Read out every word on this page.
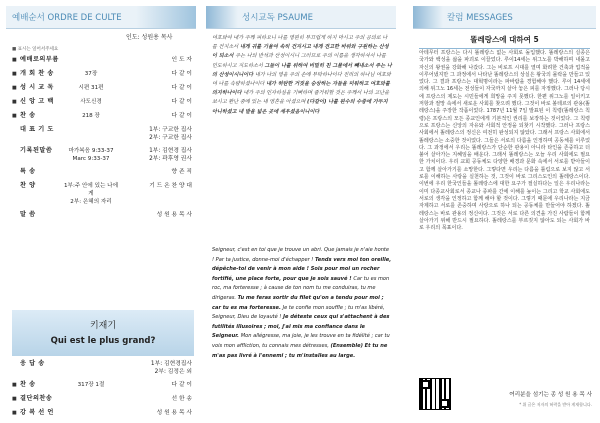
예배순서 ORDRE DE CULTE
인도: 성원용 목사
■ 표시는 일어서주세요
■ 예배로의부름	인 도 자
■ 개 회 찬 송	37장	다 같 이
■ 성 시 교 독	시편 31편	다 같 이
■ 신 앙 고 백	사도신경	다 같 이
■ 찬 송	218 장	다 같 이
대 표 기 도	1부: 구교한 집사
2부: 구교한 집사
기록된말씀	마가복음 9:33-37
Marc 9:33-37
1부: 김현경 집사
2부: 곽후영 권사
특 송	향 존 직
찬 양	1부:주 안에 있는 나에게
2부: 은혜의 자리
기 드 온 찬 양 대
말 씀	성 원 용 목 사
키재기
Qui est le plus grand?
응 답 송	1부: 김현경집사
2부: 김정은 외
■ 찬 송	317장 1절	다 같 이
■ 결단의찬송	선 한 송
■ 강 복 선 언	성 원 용 목 사
성시교독 PSAUME
여호와여 내가 주께 피하오니 나를 영원히 부끄럽게 하지 마시고 주의 공의로 나를 건지소서 내게 귀를 기울여 속히 건지시고 내게 견고한 바위와 구원하는 산성이 되소서 주는 나의 반석과 산성이시니 그러므로 주의 이름을 생각하셔서 나를 인도하시고 지도하소서 그들이 나를 위하여 비밀히 친 그물에서 빼내소서 주는 나의 산성이시니이다 내가 나의 영을 주의 손에 부탁하나이다 진리의 하나님 여호와여 나를 속량하셨나이다 내가 허탄한 거짓을 숭상하는 자들을 미워하고 여호와를 의지하나이다 내가 주의 인자하심을 기뻐하며 즐거워할 것은 주께서 나의 고난을 보시고 환난 중에 있는 내 영혼을 아셨으며 (다같이) 나를 원수의 수중에 가두지 아니하셨고 내 발을 넓은 곳에 세우셨음이니이다
Seigneur, c'est en toi que je trouve un abri. Que jamais je n'aie honte ! Par ta justice, donne-moi d'échapper ! Tends vers moi ton oreille, dépêche-toi de venir à mon aide ! Sois pour moi un rocher fortifié, une place forte, pour que je sois sauvé ! Car tu es mon roc, ma forteresse ; à cause de ton nom tu me conduiras, tu me dirigeras. Tu me feras sortir du filet qu'on a tendu pour moi ; car tu es ma forteresse. Je te confie mon souffle ; tu m'as libéré, Seigneur, Dieu de loyauté ! Je déteste ceux qui s'attachent à des futilités illusoires ; moi, j'ai mis ma confiance dans le Seigneur. Mon allégresse, ma joie, je les trouve en ta fidélité ; car tu vois mon affliction, tu connais mes détresses, (Ensemble) Et tu ne m'as pas livré à l'ennemi ; tu m'installes au large.
칼럼 MESSAGES
똘레랑스에 대하여 5
아테무터 프랑스는 다시 똘레랑스 없는 사회로 돌입했다. 똘레랑스의 실종은 국가와 백성을 삶을 파괴로 이끌었다. 루이14세는 위그노를 박해하며 내몰고 자신의 왕권을 강화해 나갔다. 그는 비로프 시대를 열며 화려한 건축과 업적을 이루어냈지만 그 과정에서 나타난 똘레랑스의 상실은 왕국의 몰락을 만들고 있었다. 그 결과 프랑스는 대혁명이라는 파바람을 경험해야 했다. 루이 14세에 의해 위그노 16세는 전성들이 자국까지 살아 놓은 피를 자정했다. 그러나 당시에 프랑스의 제도는 시민들에게 희망을 주지 못했다. 한편 위그노를 일이키고 저항과 절망 속에서 새로운 사회를 찾으려 했다. 그것이 바로 볼테르의 관용(똘레랑스)을 주장한 작품이었다. 1787년 11월 7일 발표된 이 칙령(똘레랑스 칙령)은 프랑스의 모든 종교인에게 기본적인 권리를 보장하는 것이었다. 그 칙령으로 프랑스는 신앙의 자유와 사회적 안정을 되찾기 시작했다. 그러나 프랑스 사회에서 똘레랑스의 정신은 여전히 완성되지 않았다. 그래서 프랑스 사회에서 똘레랑스는 소중한 것이었다. 그들은 서로의 다름을 인정하며 공동체를 이루었다. 그 과정에서 우리는 똘레랑스가 단순한 관용이 아니라 타인을 존중하고 더불어 살아가는 지혜임을 배운다. 그래서 똘레랑스는 오늘 우리 사회에도 필요한 가치이다. 우리 교회 공동체도 다양한 배경과 문화 속에서 서로를 받아들이고 함께 살아가기를 소망한다. 그렇다면 우리는 다름을 틀림으로 보지 않고 서로를 이해하는 사랑을 실천하는 것, 그것이 바로 그리스도인의 똘레랑스이다. 이번에 우리 한국인들을 똘레랑스에 대한 요구가 절실하다는 일은 우리나라는 이미 다종교사회로서 종교나 종파를 간에 이해를 높이는 그리고 학교 사회에도 서로의 생각을 인정하고 함께 해야 할 것이다. 그렇기 때문에 우리나라는 지금 자제하고 서로를 존중하며 사랑으로 하나 되는 공동체를 만들어야 하겠다. 똘레랑스는 바로 관용의 정신이다. 그것은 서로 다른 의견을 가진 사람들이 함께 살아가기 위해 반드시 필요하다. 똘레랑스를 부르짖지 않아도 되는 사회가 바로 우리의 목표이다.
여리분을 섬기는 종 성 원 용 목 사
* 위 글은 저자의 허락을 받아 게재합니다.
